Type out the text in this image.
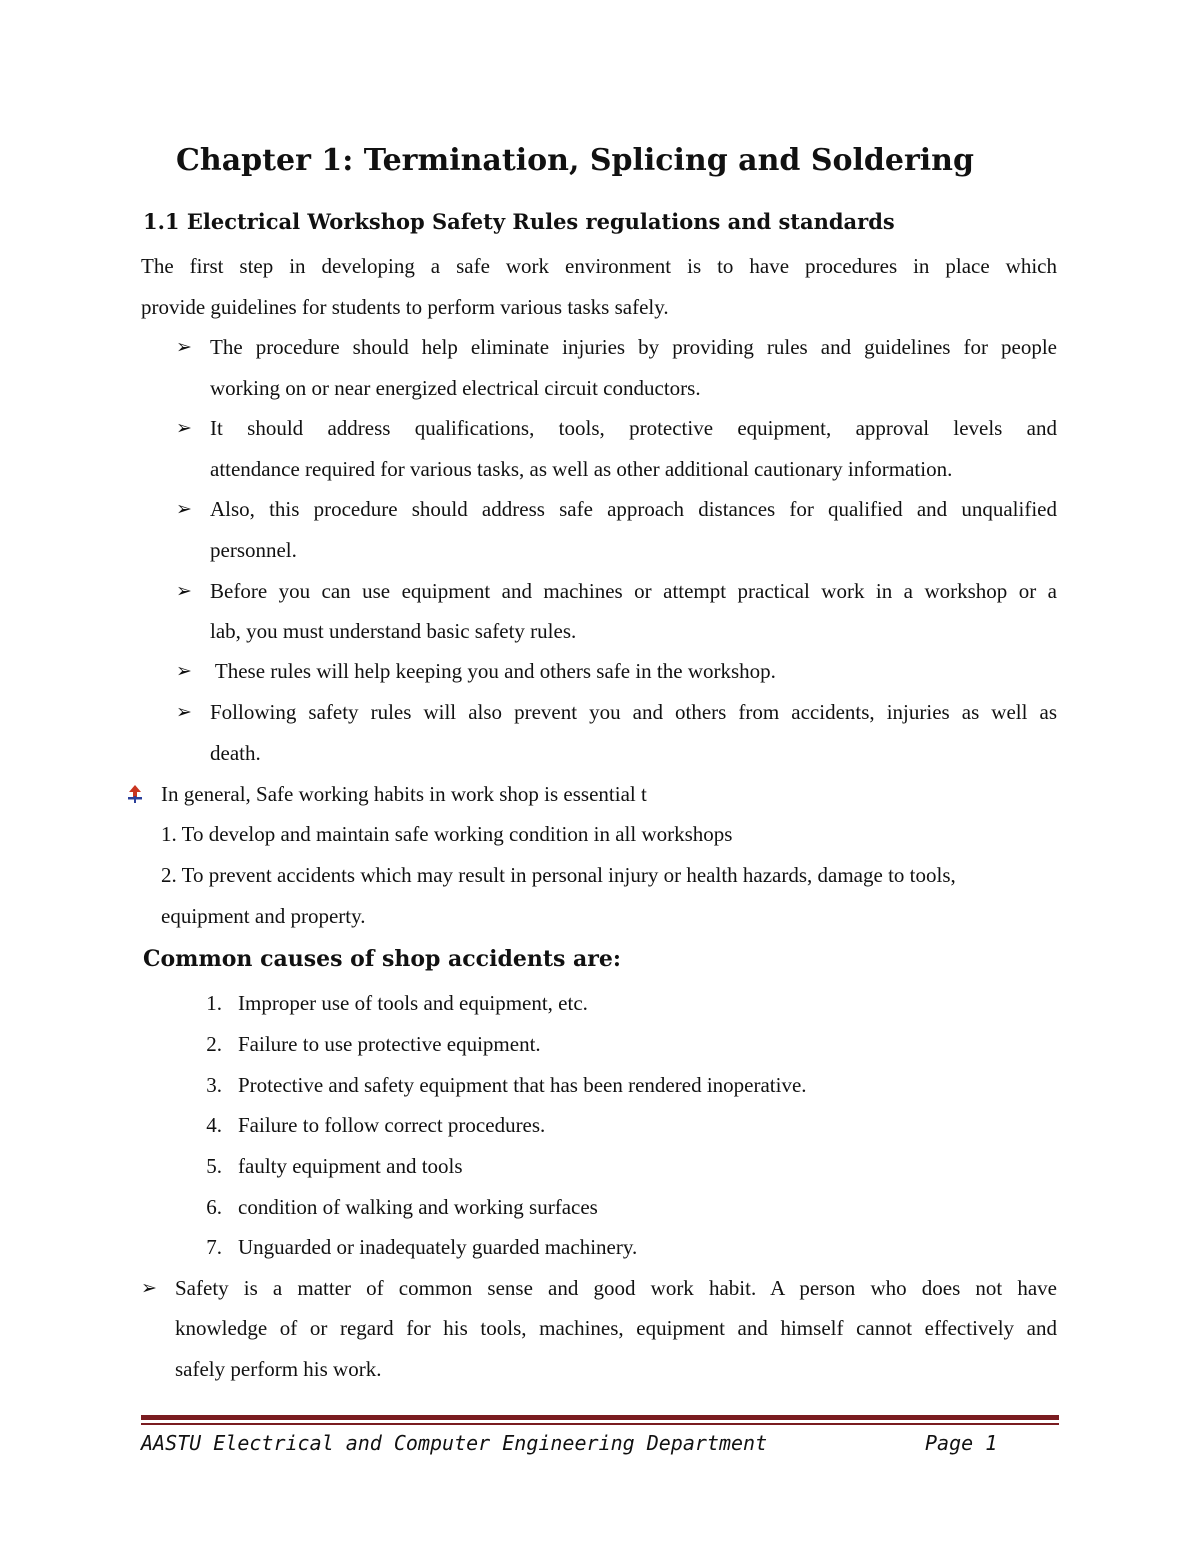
Chapter 1: Termination, Splicing and Soldering
1.1 Electrical Workshop Safety Rules regulations and standards
The first step in developing a safe work environment is to have procedures in place which
provide guidelines for students to perform various tasks safely.
➢ The procedure should help eliminate injuries by providing rules and guidelines for people
working on or near energized electrical circuit conductors.
➢ It should address qualifications, tools, protective equipment, approval levels and
attendance required for various tasks, as well as other additional cautionary information.
➢ Also, this procedure should address safe approach distances for qualified and unqualified
personnel.
➢ Before you can use equipment and machines or attempt practical work in a workshop or a
lab, you must understand basic safety rules.
➢ These rules will help keeping you and others safe in the workshop.
➢ Following safety rules will also prevent you and others from accidents, injuries as well as
death.
In general, Safe working habits in work shop is essential t
1. To develop and maintain safe working condition in all workshops
2. To prevent accidents which may result in personal injury or health hazards, damage to tools,
equipment and property.
Common causes of shop accidents are:
1. Improper use of tools and equipment, etc.
2. Failure to use protective equipment.
3. Protective and safety equipment that has been rendered inoperative.
4. Failure to follow correct procedures.
5. faulty equipment and tools
6. condition of walking and working surfaces
7. Unguarded or inadequately guarded machinery.
➢ Safety is a matter of common sense and good work habit. A person who does not have
knowledge of or regard for his tools, machines, equipment and himself cannot effectively and
safely perform his work.
AASTU Electrical and Computer Engineering Department	Page 1
